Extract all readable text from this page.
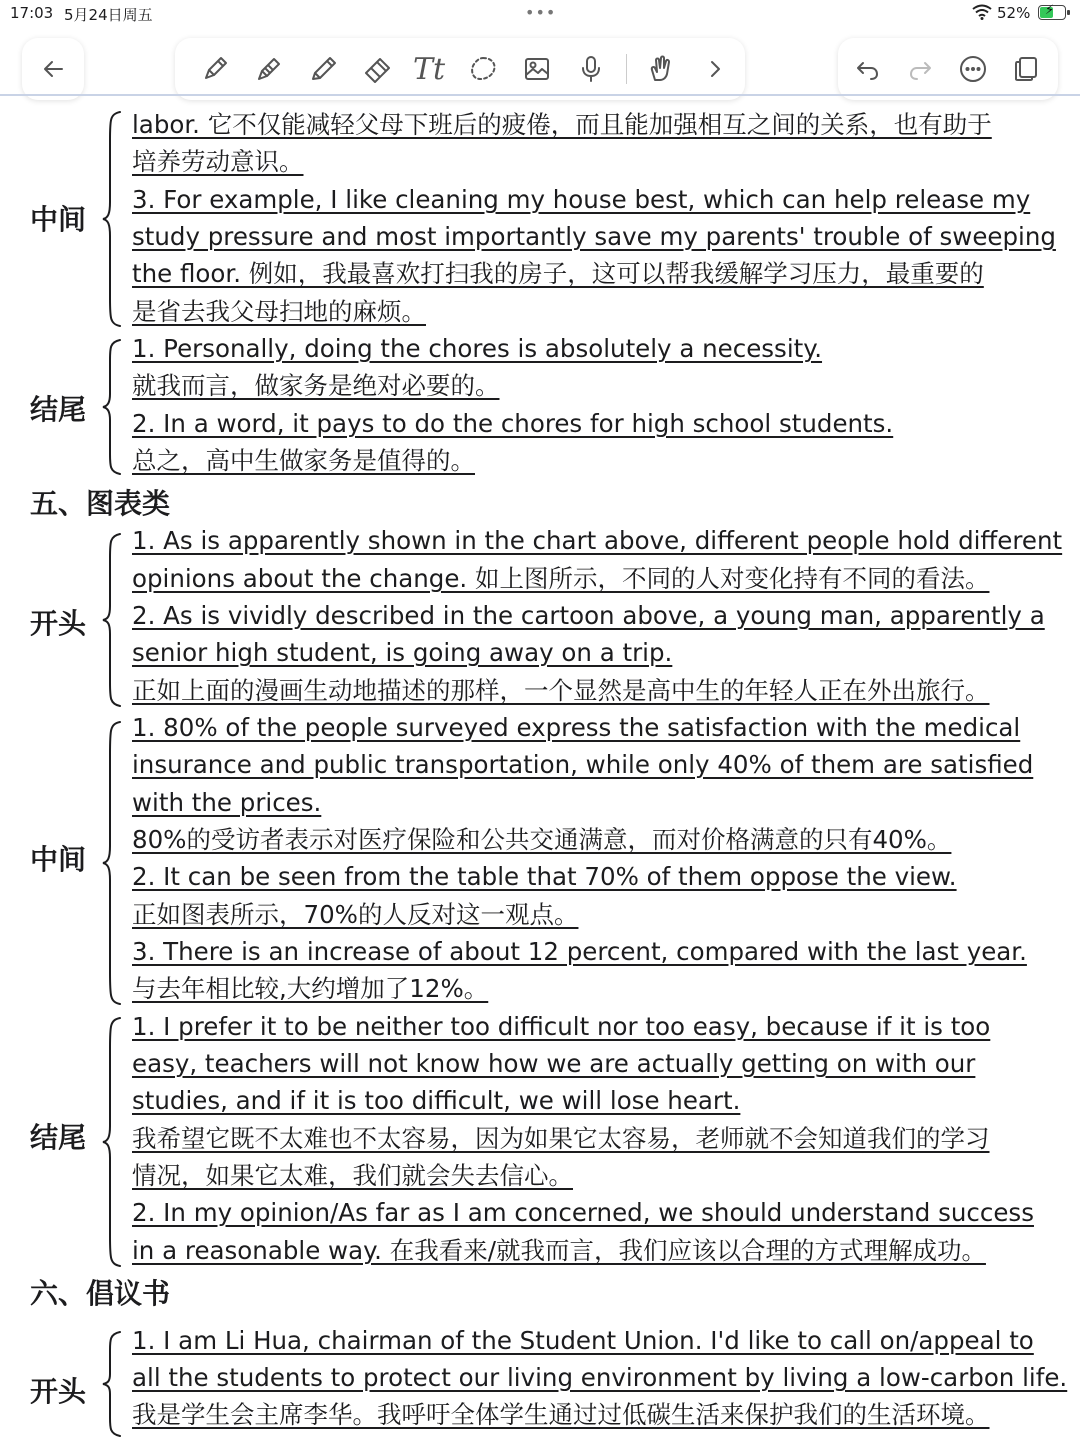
17:03 5月24日周五	•••	52% ⚡
Tt
labor. 它不仅能减轻父母下班后的疲倦，而且能加强相互之间的关系，也有助于
培养劳动意识。
3. For example, I like cleaning my house best, which can help release my
study pressure and most importantly save my parents' trouble of sweeping
the floor. 例如，我最喜欢打扫我的房子，这可以帮我缓解学习压力，最重要的
是省去我父母扫地的麻烦。
中间
1. Personally, doing the chores is absolutely a necessity.
就我而言，做家务是绝对必要的。
2. In a word, it pays to do the chores for high school students.
总之，高中生做家务是值得的。
结尾
五、图表类
1. As is apparently shown in the chart above, different people hold different
opinions about the change. 如上图所示，不同的人对变化持有不同的看法。
2. As is vividly described in the cartoon above, a young man, apparently a
senior high student, is going away on a trip.
正如上面的漫画生动地描述的那样，一个显然是高中生的年轻人正在外出旅行。
开头
1. 80% of the people surveyed express the satisfaction with the medical
insurance and public transportation, while only 40% of them are satisfied
with the prices.
80%的受访者表示对医疗保险和公共交通满意，而对价格满意的只有40%。
2. It can be seen from the table that 70% of them oppose the view.
正如图表所示，70%的人反对这一观点。
3. There is an increase of about 12 percent, compared with the last year.
与去年相比较,大约增加了12%。
中间
1. I prefer it to be neither too difficult nor too easy, because if it is too
easy, teachers will not know how we are actually getting on with our
studies, and if it is too difficult, we will lose heart.
我希望它既不太难也不太容易，因为如果它太容易，老师就不会知道我们的学习
情况，如果它太难，我们就会失去信心。
2. In my opinion/As far as I am concerned, we should understand success
in a reasonable way. 在我看来/就我而言，我们应该以合理的方式理解成功。
结尾
六、倡议书
1. I am Li Hua, chairman of the Student Union. I'd like to call on/appeal to
all the students to protect our living environment by living a low-carbon life.
我是学生会主席李华。我呼吁全体学生通过过低碳生活来保护我们的生活环境。
开头
